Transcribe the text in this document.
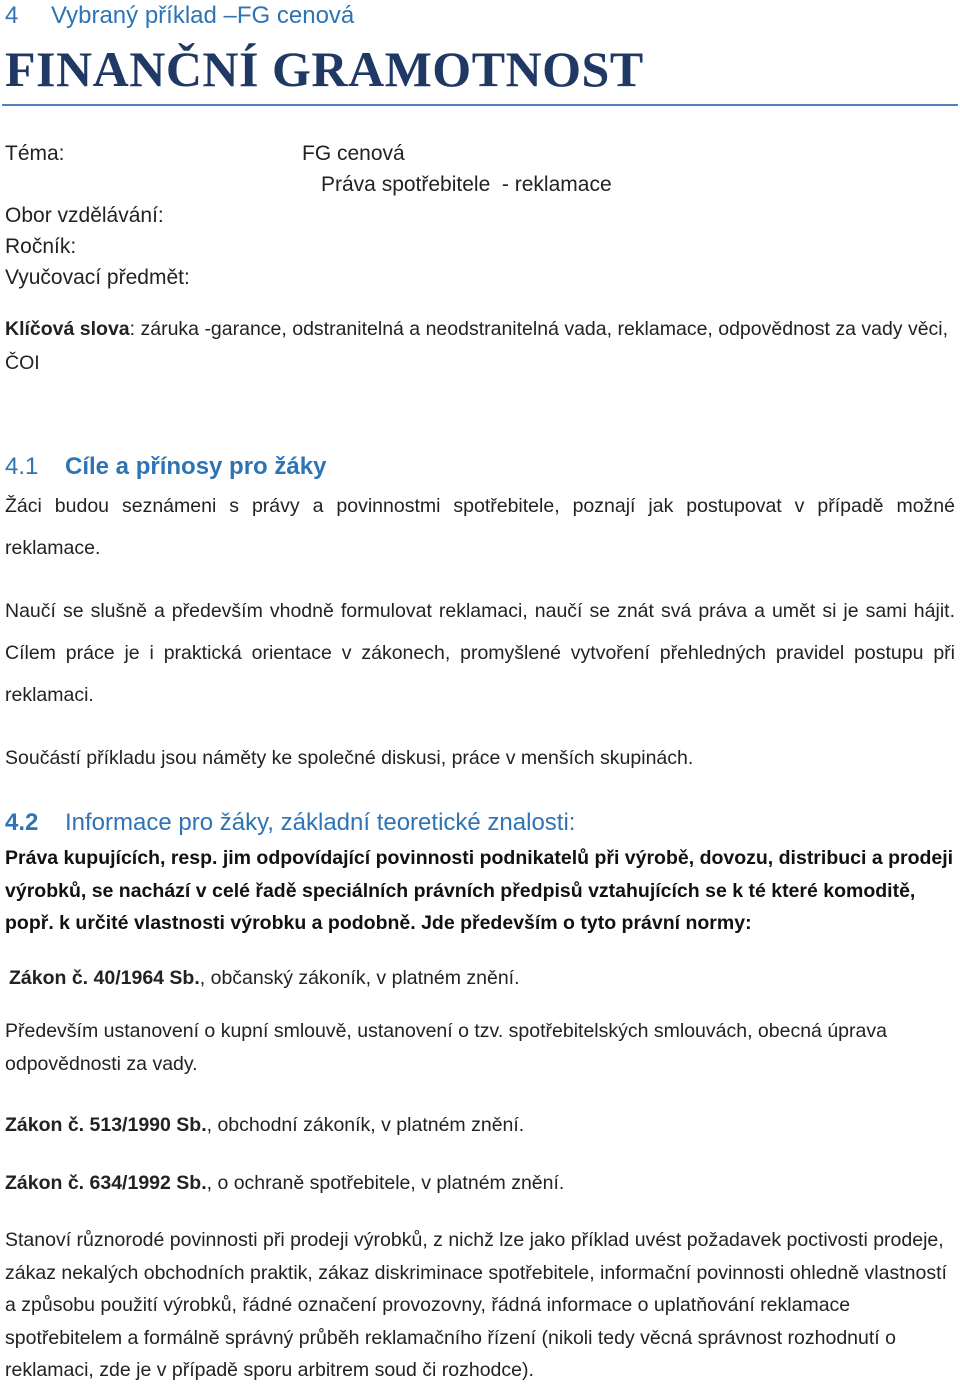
4 Vybraný příklad –FG cenová
FINANČNÍ GRAMOTNOST
Téma:	FG cenová
Práva spotřebitele  - reklamace
Obor vzdělávání:
Ročník:
Vyučovací předmět:

Klíčová slova: záruka -garance, odstranitelná a neodstranitelná vada, reklamace, odpovědnost za vady věci, ČOI

4.1 Cíle a přínosy pro žáky

Žáci budou seznámeni s právy a povinnostmi spotřebitele, poznají jak postupovat v případě možné reklamace.

Naučí se slušně a především vhodně formulovat reklamaci, naučí se znát svá práva a umět si je sami hájit. Cílem práce je i praktická orientace v zákonech, promyšlené vytvoření přehledných pravidel postupu při reklamaci.

Součástí příkladu jsou náměty ke společné diskusi, práce v menších skupinách.

4.2 Informace pro žáky, základní teoretické znalosti:

Práva kupujících, resp. jim odpovídající povinnosti podnikatelů při výrobě, dovozu, distribuci a prodeji výrobků, se nachází v celé řadě speciálních právních předpisů vztahujících se k té které komoditě, popř. k určité vlastnosti výrobku a podobně. Jde především o tyto právní normy:

Zákon č. 40/1964 Sb., občanský zákoník, v platném znění.

Především ustanovení o kupní smlouvě, ustanovení o tzv. spotřebitelských smlouvách, obecná úprava odpovědnosti za vady.

Zákon č. 513/1990 Sb., obchodní zákoník, v platném znění.

Zákon č. 634/1992 Sb., o ochraně spotřebitele, v platném znění.

Stanoví různorodé povinnosti při prodeji výrobků, z nichž lze jako příklad uvést požadavek poctivosti prodeje, zákaz nekalých obchodních praktik, zákaz diskriminace spotřebitele, informační povinnosti ohledně vlastností a způsobu použití výrobků, řádné označení provozovny, řádná informace o uplatňování reklamace spotřebitelem a formálně správný průběh reklamačního řízení (nikoli tedy věcná správnost rozhodnutí o reklamaci, zde je v případě sporu arbitrem soud či rozhodce).
